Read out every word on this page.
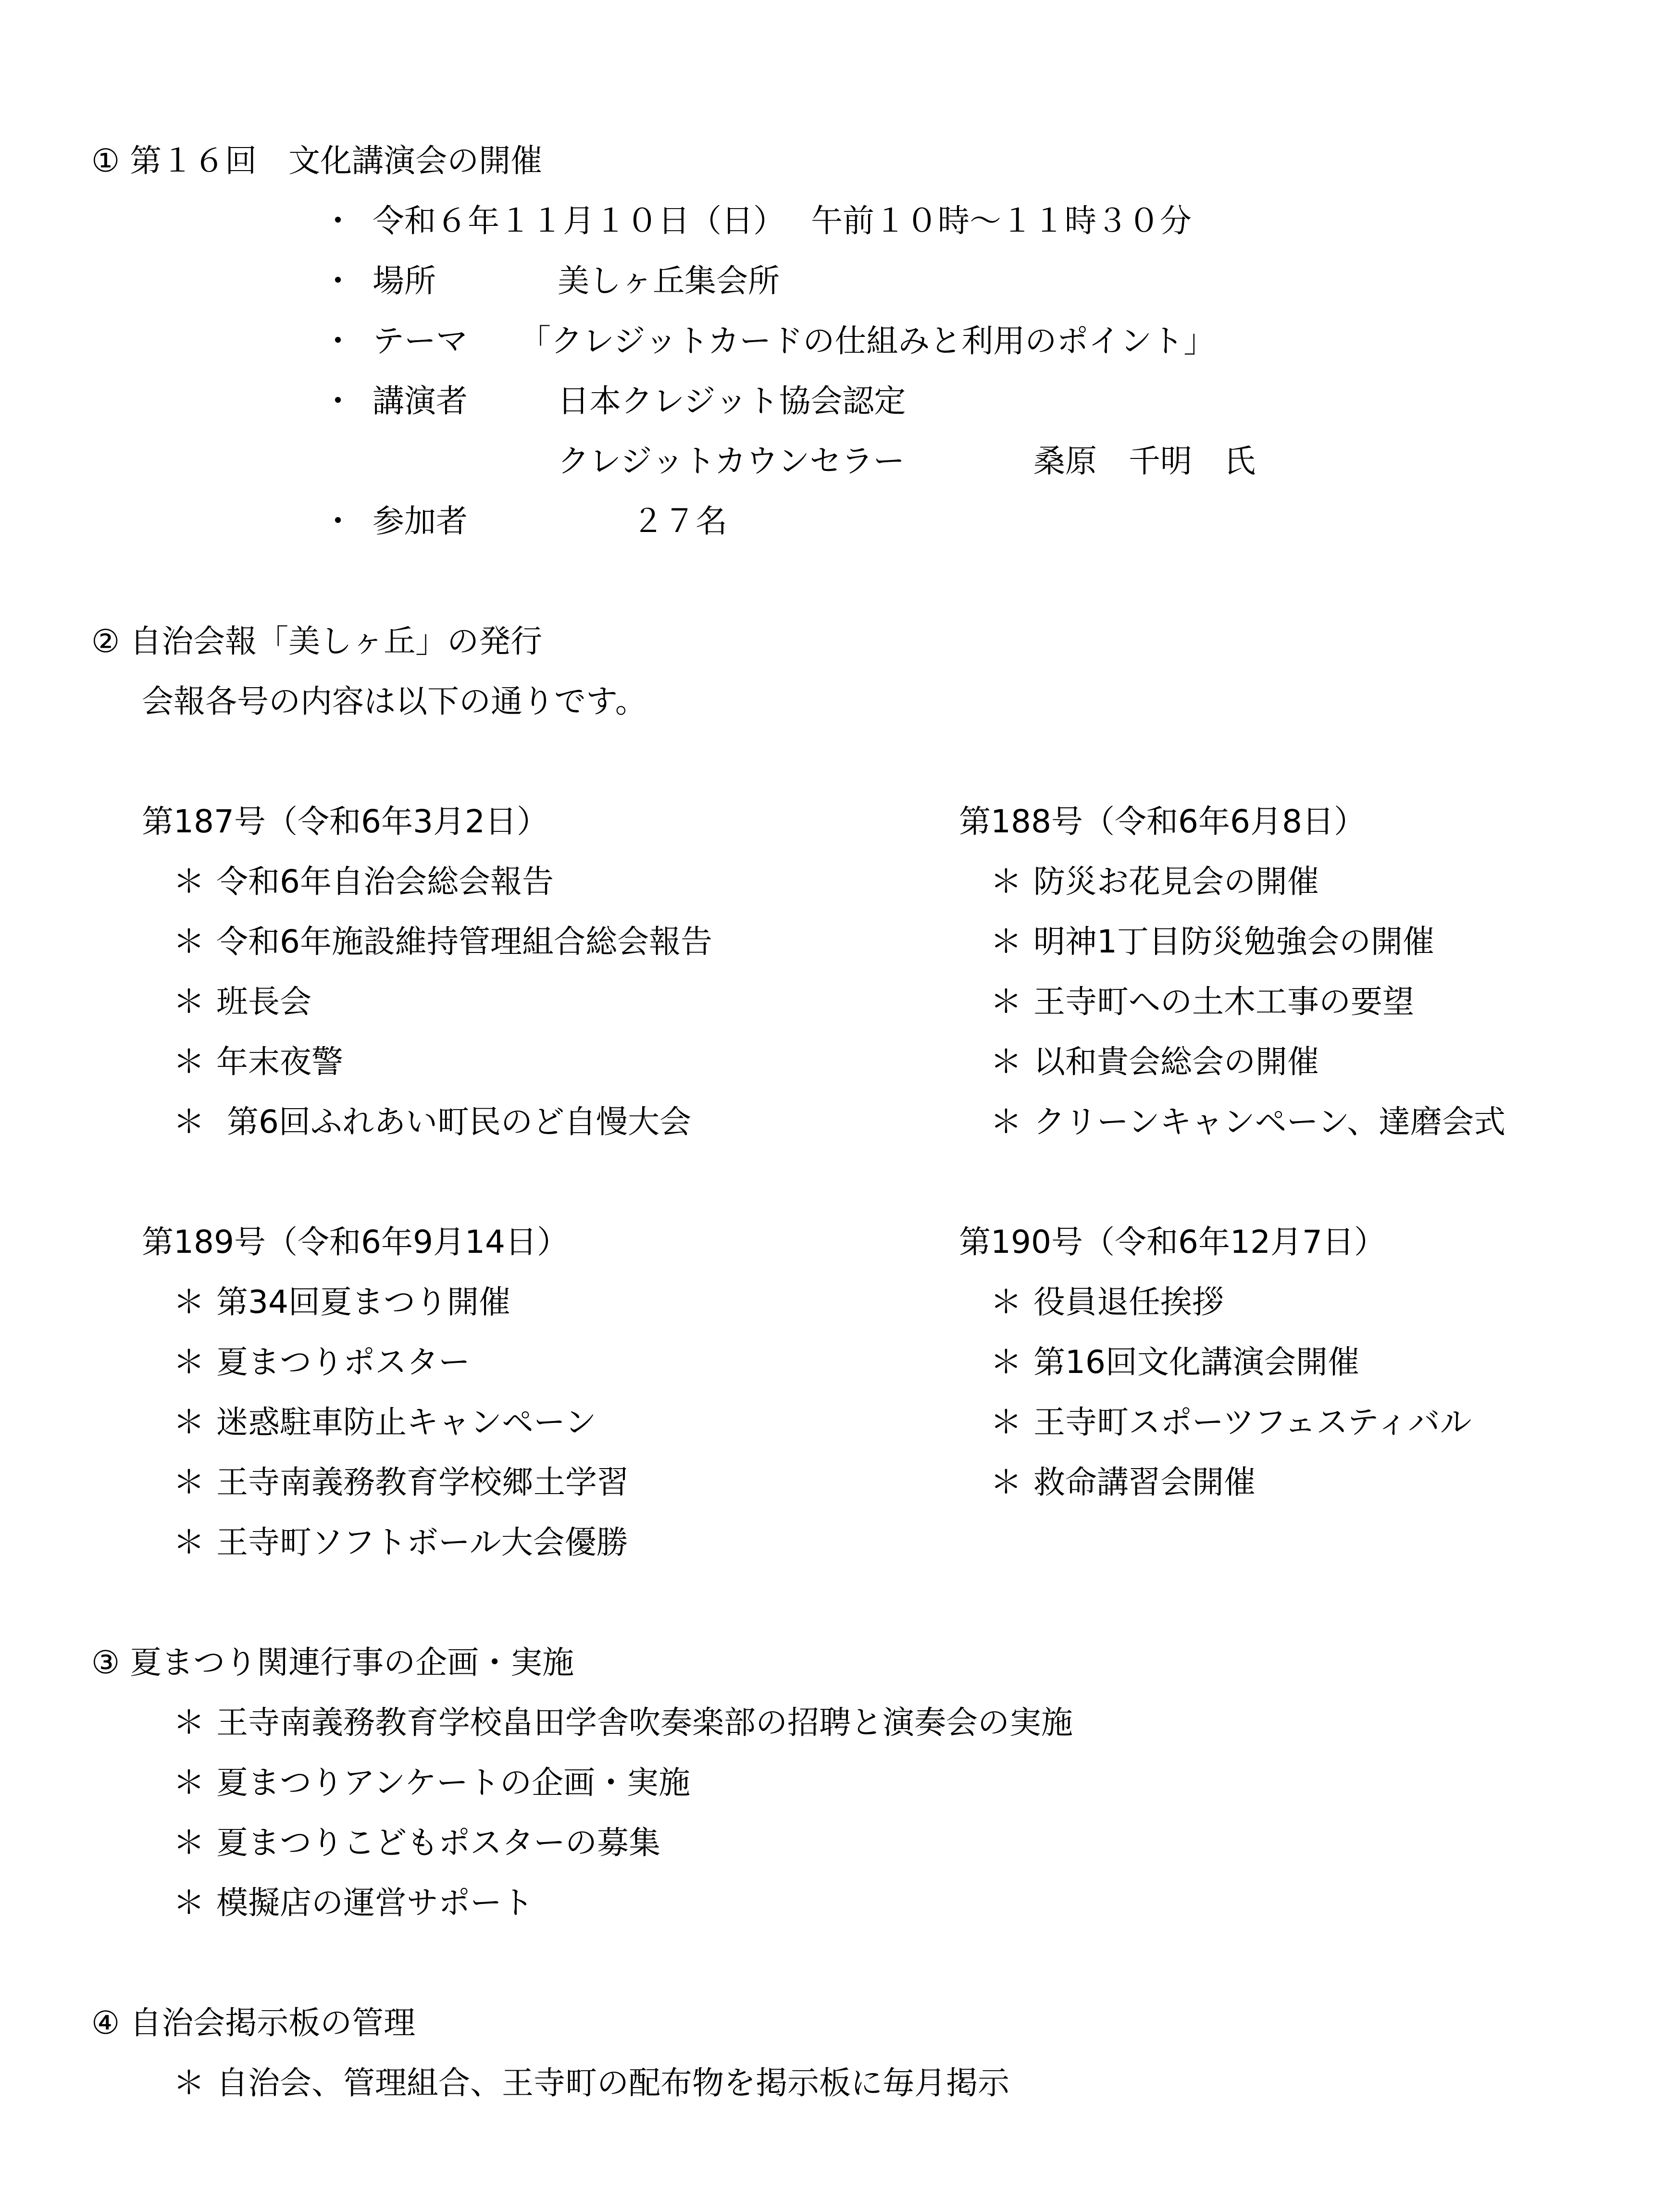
① 第１６回　文化講演会の開催
・ 令和６年１１月１０日（日）　 午前１０時～１１時３０分
・ 場所	美しヶ丘集会所
・ テーマ 「クレジットカードの仕組みと利用のポイント」
・ 講演者	日本クレジット協会認定
クレジットカウンセラー	桑原　千明　氏
・ 参加者	２７名
② 自治会報「美しヶ丘」の発行
会報各号の内容は以下の通りです。
第187号（令和6年3月2日）
＊ 令和6年自治会総会報告
＊ 令和6年施設維持管理組合総会報告
＊ 班長会
＊ 年末夜警
＊ 第6回ふれあい町民のど自慢大会
第188号（令和6年6月8日）
＊ 防災お花見会の開催
＊ 明神1丁目防災勉強会の開催
＊ 王寺町への土木工事の要望
＊ 以和貴会総会の開催
＊ クリーンキャンペーン、達磨会式
第189号（令和6年9月14日）
＊ 第34回夏まつり開催
＊ 夏まつりポスター
＊ 迷惑駐車防止キャンペーン
＊ 王寺南義務教育学校郷土学習
＊ 王寺町ソフトボール大会優勝
第190号（令和6年12月7日）
＊ 役員退任挨拶
＊ 第16回文化講演会開催
＊ 王寺町スポーツフェスティバル
＊ 救命講習会開催
③ 夏まつり関連行事の企画・実施
＊ 王寺南義務教育学校畠田学舎吹奏楽部の招聘と演奏会の実施
＊ 夏まつりアンケートの企画・実施
＊ 夏まつりこどもポスターの募集
＊ 模擬店の運営サポート
④ 自治会掲示板の管理
＊ 自治会、管理組合、王寺町の配布物を掲示板に毎月掲示
